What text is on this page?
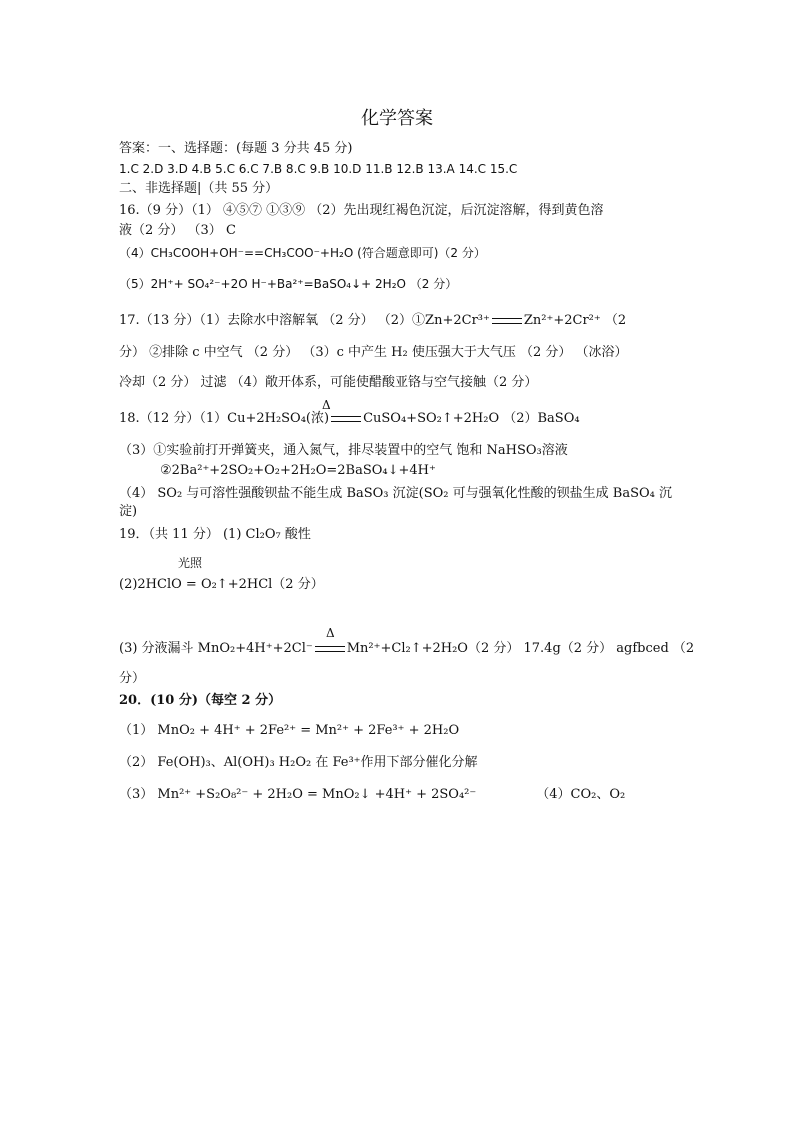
化学答案
答案：一、选择题：(每题 3 分共 45 分)
1.C 2.D 3.D 4.B 5.C 6.C 7.B 8.C 9.B 10.D 11.B 12.B 13.A 14.C 15.C
二、非选择题|（共 55 分）
16.（9 分）（1） ④⑤⑦ ①③⑨ （2）先出现红褐色沉淀，后沉淀溶解，得到黄色溶
液（2 分） （3） C
（4）CH₃COOH+OH⁻==CH₃COO⁻+H₂O (符合题意即可)（2 分）
（5）2H⁺+ SO₄²⁻+2O H⁻+Ba²⁺=BaSO₄↓+ 2H₂O （2 分）
17.（13 分）（1）去除水中溶解氧 （2 分） （2）①Zn+2Cr³⁺	Zn²⁺+2Cr²⁺ （2
分） ②排除 c 中空气 （2 分） （3）c 中产生 H₂ 使压强大于大气压 （2 分） （冰浴）
冷却（2 分） 过滤 （4）敞开体系，可能使醋酸亚铬与空气接触（2 分）
Δ
18.（12 分）（1）Cu+2H₂SO₄(浓)	CuSO₄+SO₂↑+2H₂O （2）BaSO₄
（3）①实验前打开弹簧夹，通入氮气，排尽装置中的空气 饱和 NaHSO₃溶液
②2Ba²⁺+2SO₂+O₂+2H₂O=2BaSO₄↓+4H⁺
（4） SO₂ 与可溶性强酸钡盐不能生成 BaSO₃ 沉淀(SO₂ 可与强氧化性酸的钡盐生成 BaSO₄ 沉
淀)
19．（共 11 分） (1) Cl₂O₇ 酸性
光照
(2)2HClO = O₂↑+2HCl（2 分）
Δ
(3) 分液漏斗 MnO₂+4H⁺+2Cl⁻	Mn²⁺+Cl₂↑+2H₂O（2 分） 17.4g（2 分） agfbced （2
分）
20．(10 分)（每空 2 分）
（1） MnO₂ + 4H⁺ + 2Fe²⁺ = Mn²⁺ + 2Fe³⁺ + 2H₂O
（2） Fe(OH)₃、Al(OH)₃ H₂O₂ 在 Fe³⁺作用下部分催化分解
（3） Mn²⁺ +S₂O₈²⁻ + 2H₂O = MnO₂↓ +4H⁺ + 2SO₄²⁻	（4）CO₂、O₂
